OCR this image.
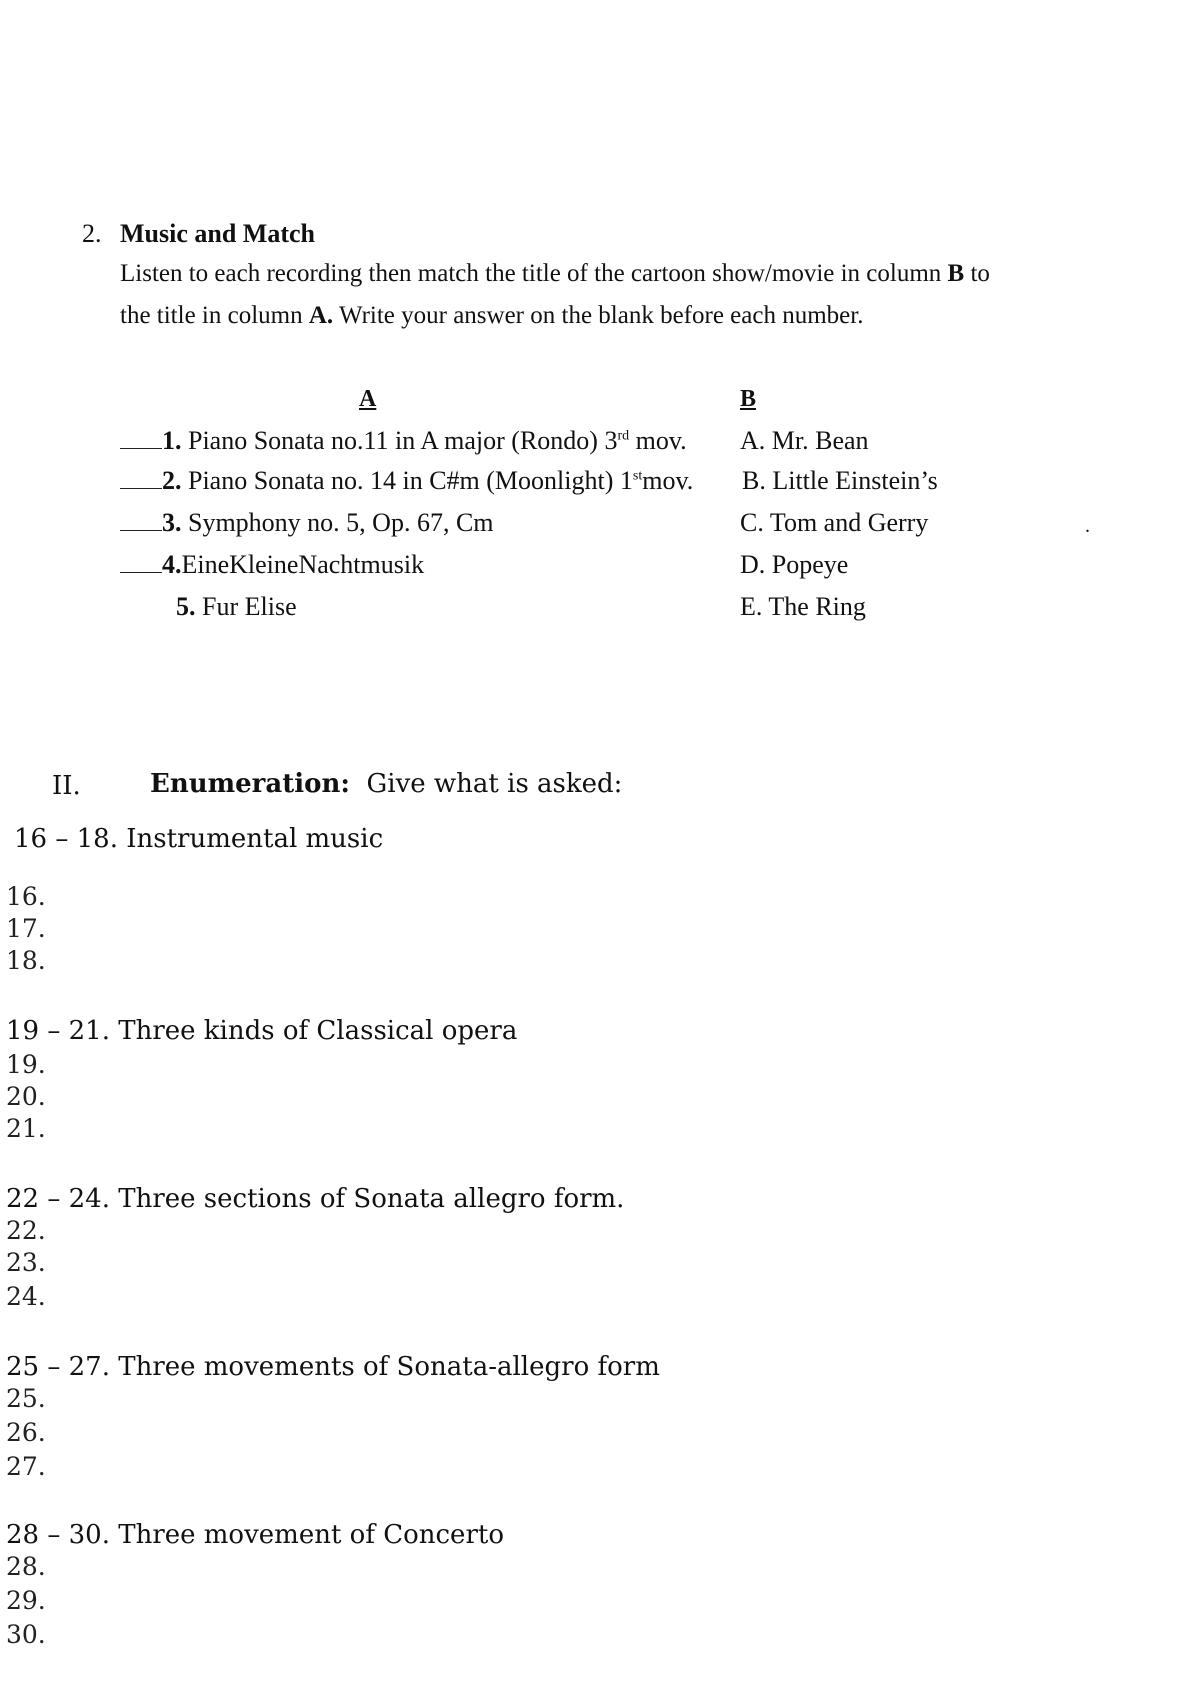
2. Music and Match
Listen to each recording then match the title of the cartoon show/movie in column B to
the title in column A. Write your answer on the blank before each number.
A	B
1. Piano Sonata no.11 in A major (Rondo) 3rd mov.
2. Piano Sonata no. 14 in C#m (Moonlight) 1stmov.
3. Symphony no. 5, Op. 67, Cm
4.EineKleineNachtmusik
5. Fur Elise
A. Mr. Bean
B. Little Einstein’s
C. Tom and Gerry
D. Popeye
E. The Ring
.
II.	Enumeration: Give what is asked:
16 – 18. Instrumental music
16.
17.
18.
19 – 21. Three kinds of Classical opera
19.
20.
21.
22 – 24. Three sections of Sonata allegro form.
22.
23.
24.
25 – 27. Three movements of Sonata-allegro form
25.
26.
27.
28 – 30. Three movement of Concerto
28.
29.
30.
